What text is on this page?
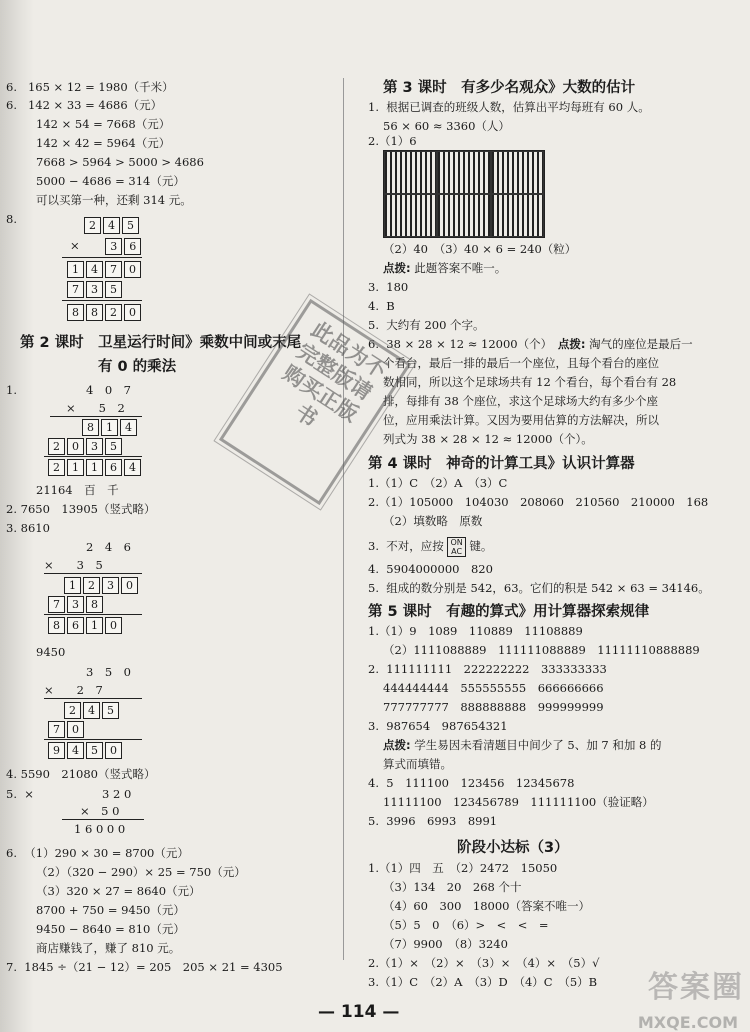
6.   165 × 12 = 1980（千米）
6.   142 × 33 = 4686（元）
142 × 54 = 7668（元）
142 × 42 = 5964（元）
7668 > 5964 > 5000 > 4686
5000 − 4686 = 314（元）
可以买第一种，还剩 314 元。
8.	2 4 5
×	3 6
1 4 7 0
7 3 5
8 8 2 0
第 2 课时　卫星运行时间》乘数中间或末尾
有 0 的乘法
1.	4　0　7
×　　5　2
8 1 4
2 0 3 5
2 1 1 6 4
21164　百　千
2. 7650　13905（竖式略）
3. 8610
2　4　6
×　　3　5
1 2 3 0
7 3 8
8 6 1 0
9450
3　5　0
×　　2　7
2 4 5
7 0
9 4 5 0
4. 5590　21080（竖式略）
5.  ×	3 2 0
×　5 0
1 6 0 0 0
6.  （1）290 × 30 = 8700（元）
（2）（320 − 290）× 25 = 750（元）
（3）320 × 27 = 8640（元）
8700 + 750 = 9450（元）
9450 − 8640 = 810（元）
商店赚钱了，赚了 810 元。
7.  1845 ÷（21 − 12）= 205　205 × 21 = 4305
第 3 课时　有多少名观众》大数的估计
1.  根据已调查的班级人数，估算出平均每班有 60 人。
56 × 60 ≈ 3360（人）
2.（1）6
（2）40　（3）40 × 6 = 240（粒）
点拨: 此题答案不唯一。
3.  180
4.  B
5.  大约有 200 个字。
6.  38 × 28 × 12 ≈ 12000（个）　 点拨: 淘气的座位是最后一
个看台，最后一排的最后一个座位，且每个看台的座位
数相同，所以这个足球场共有 12 个看台，每个看台有 28
排，每排有 38 个座位，求这个足球场大约有多少个座
位，应用乘法计算。又因为要用估算的方法解决，所以
列式为 38 × 28 × 12 ≈ 12000（个）。
第 4 课时　神奇的计算工具》认识计算器
1.（1）C　（2）A　（3）C
2.（1）105000　104030　208060　210560　210000　168
（2）填数略　原数
3.  不对，应按 ON
AC 键。
4.  5904000000　820
5.  组成的数分别是 542，63。它们的积是 542 × 63 = 34146。
第 5 课时　有趣的算式》用计算器探索规律
1.（1）9　1089　110889　11108889
（2）1111088889　111111088889　11111110888889
2.  111111111　222222222　333333333
444444444　555555555　666666666
777777777　888888888　999999999
3.  987654　987654321
点拨: 学生易因未看清题目中间少了 5、加 7 和加 8 的
算式而填错。
4.  5　111100　123456　12345678
11111100　123456789　111111100（验证略）
5.  3996　6993　8991
阶段小达标（3）
1.（1）四　五　（2）2472　15050
（3）134　20　268 个十
（4）60　300　18000（答案不唯一）
（5）5　0　（6）>　<　<　=
（7）9900　（8）3240
2.（1）×　（2）×　（3）×　（4）×　（5）√
3.（1）C　（2）A　（3）D　（4）C　（5）B
— 114 —
此品为不完整版请购买正版书
答案圈
MXQE.COM
